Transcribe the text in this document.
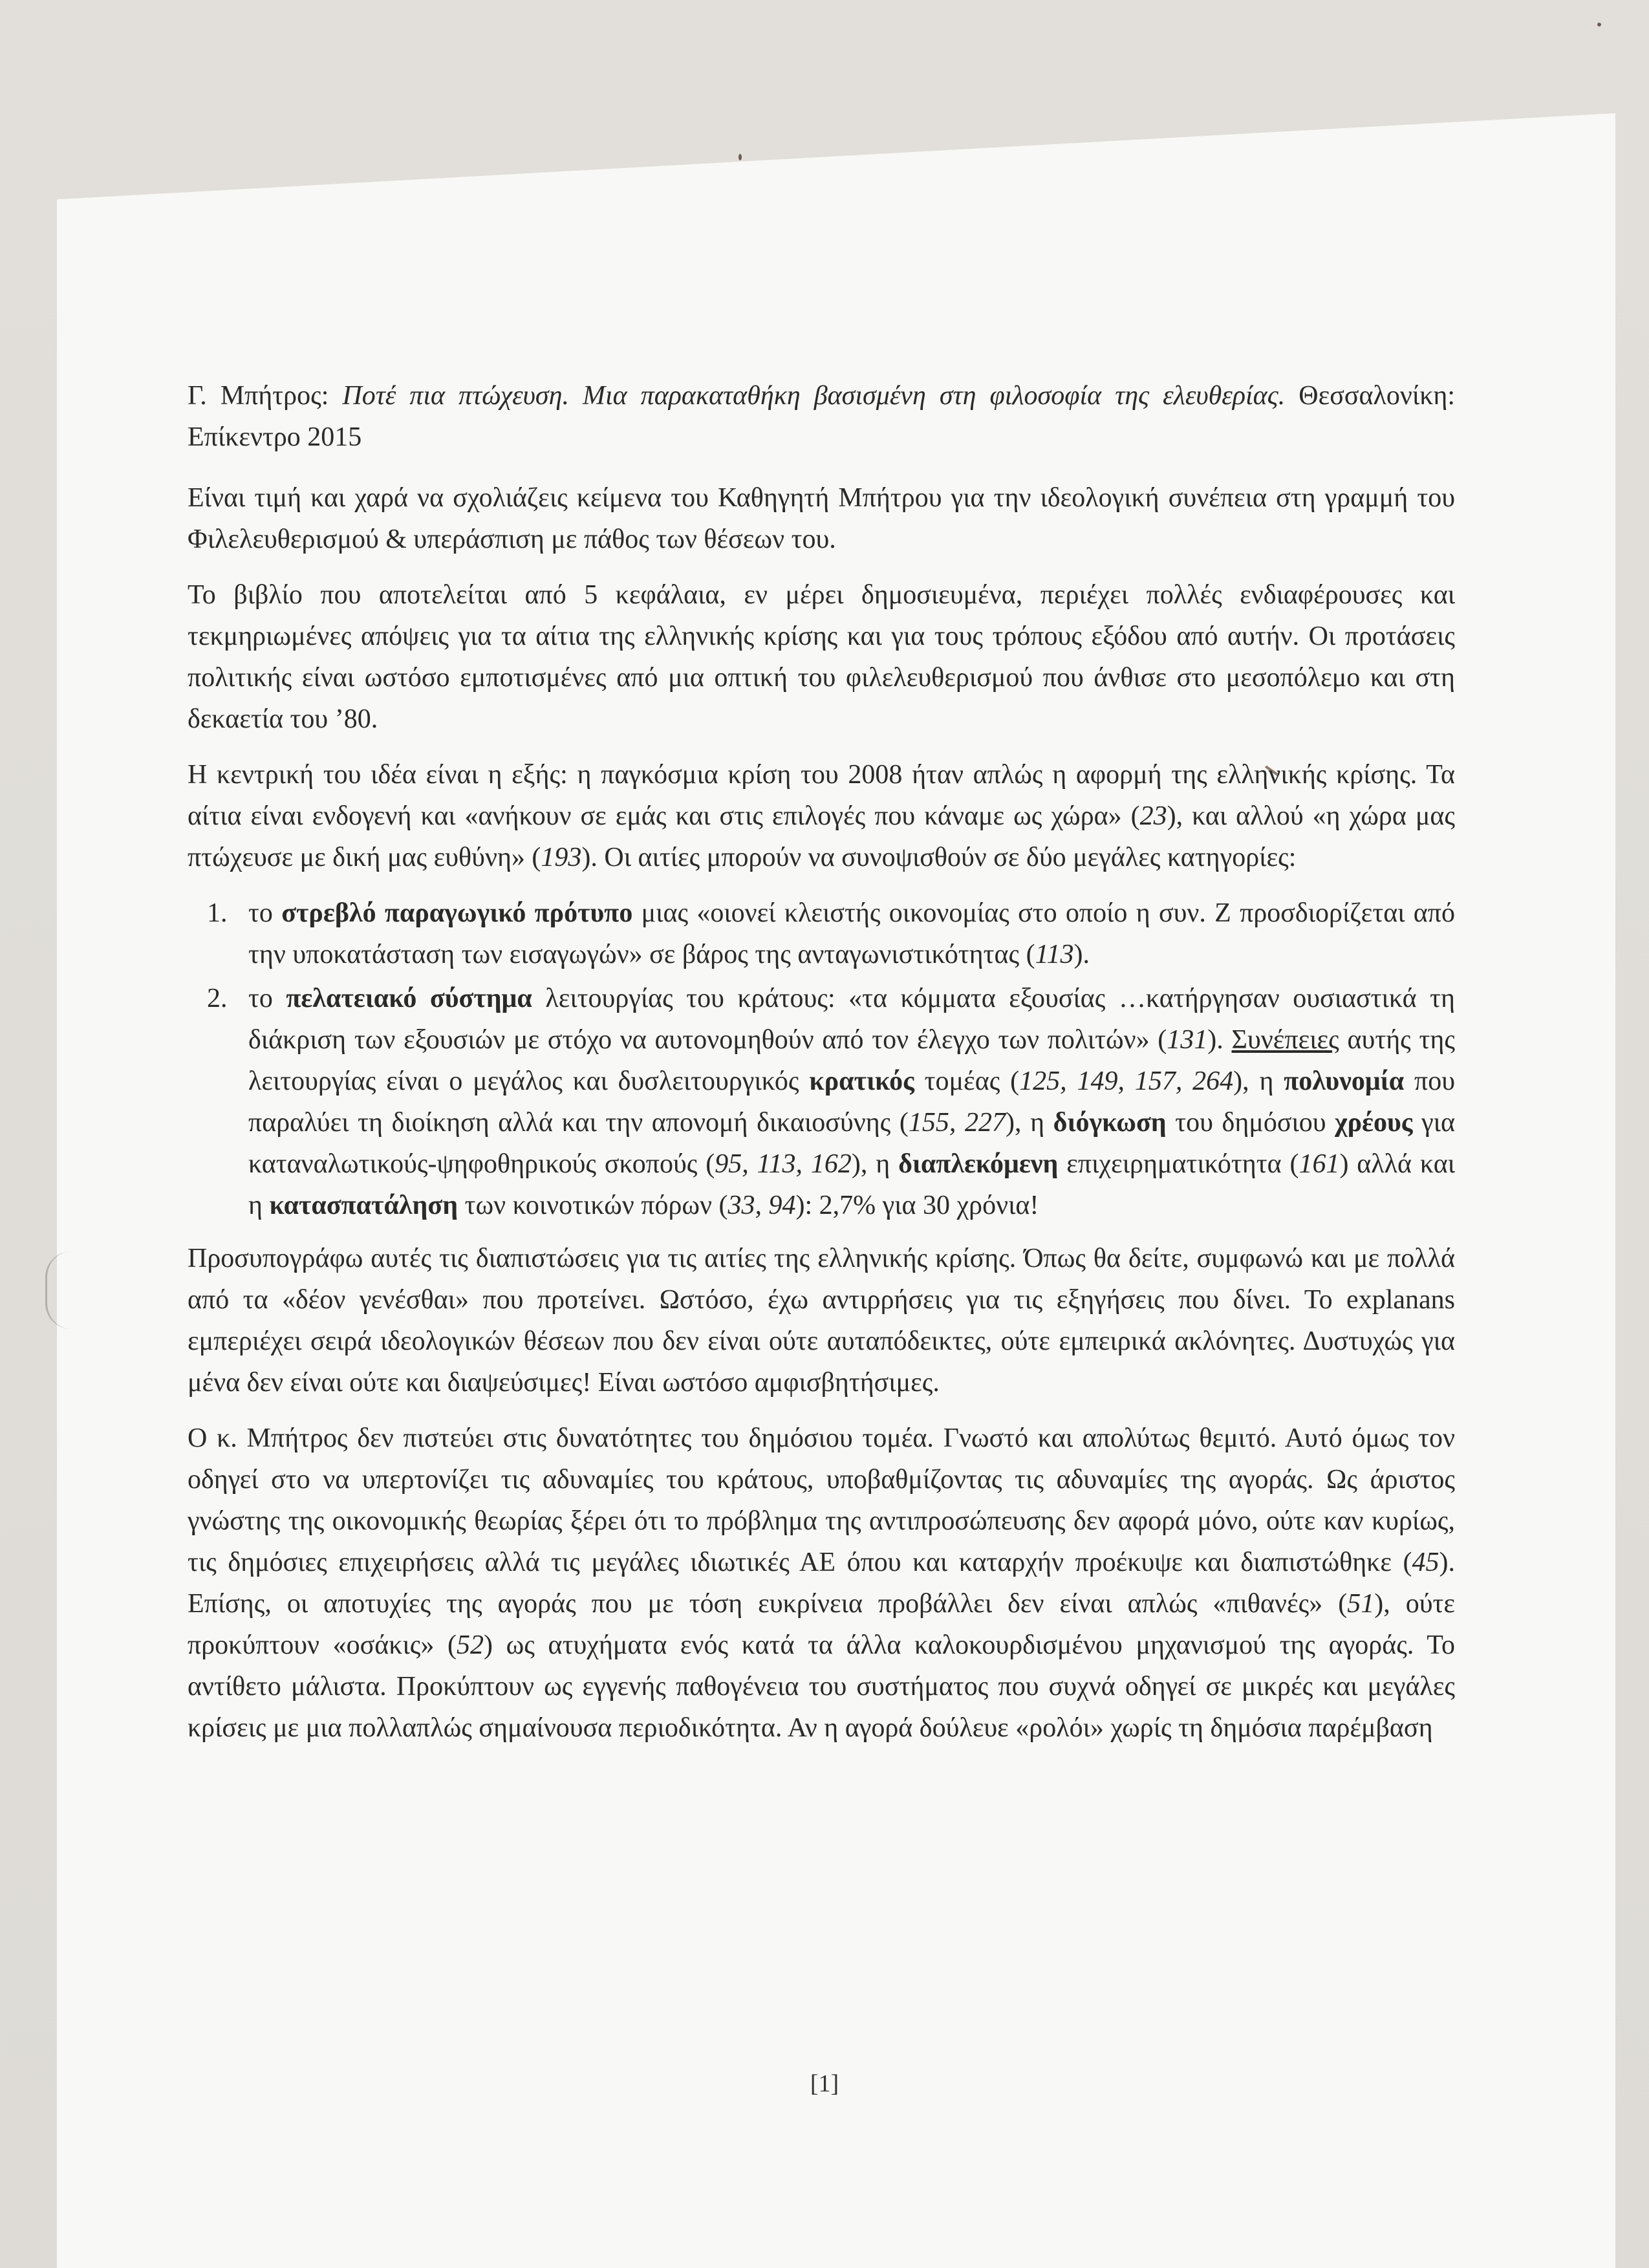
Γ. Μπήτρος: Ποτέ πια πτώχευση. Μια παρακαταθήκη βασισμένη στη φιλοσοφία της ελευθερίας. Θεσσαλονίκη: Επίκεντρο 2015

Είναι τιμή και χαρά να σχολιάζεις κείμενα του Καθηγητή Μπήτρου για την ιδεολογική συνέπεια στη γραμμή του Φιλελευθερισμού & υπεράσπιση με πάθος των θέσεων του.

Το βιβλίο που αποτελείται από 5 κεφάλαια, εν μέρει δημοσιευμένα, περιέχει πολλές ενδιαφέρουσες και τεκμηριωμένες απόψεις για τα αίτια της ελληνικής κρίσης και για τους τρόπους εξόδου από αυτήν. Οι προτάσεις πολιτικής είναι ωστόσο εμποτισμένες από μια οπτική του φιλελευθερισμού που άνθισε στο μεσοπόλεμο και στη δεκαετία του ’80.

Η κεντρική του ιδέα είναι η εξής: η παγκόσμια κρίση του 2008 ήταν απλώς η αφορμή της ελληνικής κρίσης. Τα αίτια είναι ενδογενή και «ανήκουν σε εμάς και στις επιλογές που κάναμε ως χώρα» (23), και αλλού «η χώρα μας πτώχευσε με δική μας ευθύνη» (193). Οι αιτίες μπορούν να συνοψισθούν σε δύο μεγάλες κατηγορίες:

1. το στρεβλό παραγωγικό πρότυπο μιας «οιονεί κλειστής οικονομίας στο οποίο η συν. Ζ προσδιορίζεται από την υποκατάσταση των εισαγωγών» σε βάρος της ανταγωνιστικότητας (113).
2. το πελατειακό σύστημα λειτουργίας του κράτους: «τα κόμματα εξουσίας …κατήργησαν ουσιαστικά τη διάκριση των εξουσιών με στόχο να αυτονομηθούν από τον έλεγχο των πολιτών» (131). Συνέπειες αυτής της λειτουργίας είναι ο μεγάλος και δυσλειτουργικός κρατικός τομέας (125, 149, 157, 264), η πολυνομία που παραλύει τη διοίκηση αλλά και την απονομή δικαιοσύνης (155, 227), η διόγκωση του δημόσιου χρέους για καταναλωτικούς-ψηφοθηρικούς σκοπούς (95, 113, 162), η διαπλεκόμενη επιχειρηματικότητα (161) αλλά και η κατασπατάληση των κοινοτικών πόρων (33, 94): 2,7% για 30 χρόνια!

Προσυπογράφω αυτές τις διαπιστώσεις για τις αιτίες της ελληνικής κρίσης. Όπως θα δείτε, συμφωνώ και με πολλά από τα «δέον γενέσθαι» που προτείνει. Ωστόσο, έχω αντιρρήσεις για τις εξηγήσεις που δίνει. Το explanans εμπεριέχει σειρά ιδεολογικών θέσεων που δεν είναι ούτε αυταπόδεικτες, ούτε εμπειρικά ακλόνητες. Δυστυχώς για μένα δεν είναι ούτε και διαψεύσιμες! Είναι ωστόσο αμφισβητήσιμες.

Ο κ. Μπήτρος δεν πιστεύει στις δυνατότητες του δημόσιου τομέα. Γνωστό και απολύτως θεμιτό. Αυτό όμως τον οδηγεί στο να υπερτονίζει τις αδυναμίες του κράτους, υποβαθμίζοντας τις αδυναμίες της αγοράς. Ως άριστος γνώστης της οικονομικής θεωρίας ξέρει ότι το πρόβλημα της αντιπροσώπευσης δεν αφορά μόνο, ούτε καν κυρίως, τις δημόσιες επιχειρήσεις αλλά τις μεγάλες ιδιωτικές ΑΕ όπου και καταρχήν προέκυψε και διαπιστώθηκε (45). Επίσης, οι αποτυχίες της αγοράς που με τόση ευκρίνεια προβάλλει δεν είναι απλώς «πιθανές» (51), ούτε προκύπτουν «οσάκις» (52) ως ατυχήματα ενός κατά τα άλλα καλοκουρδισμένου μηχανισμού της αγοράς. Το αντίθετο μάλιστα. Προκύπτουν ως εγγενής παθογένεια του συστήματος που συχνά οδηγεί σε μικρές και μεγάλες κρίσεις με μια πολλαπλώς σημαίνουσα περιοδικότητα. Αν η αγορά δούλευε «ρολόι» χωρίς τη δημόσια παρέμβαση

[1]
